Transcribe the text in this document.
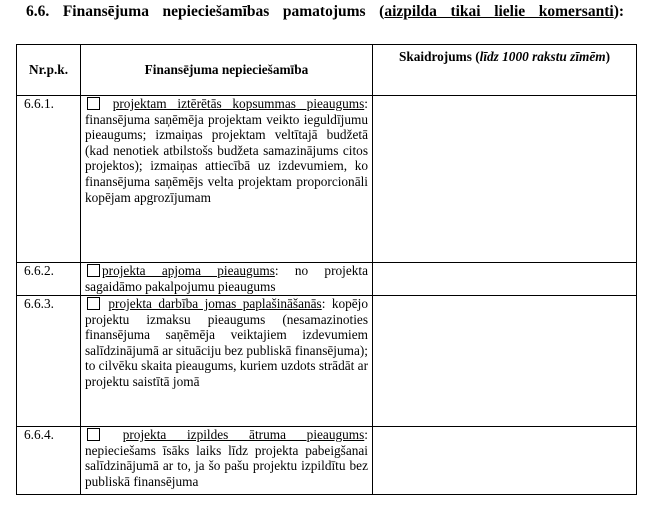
6.6. Finansējuma nepieciešamības pamatojums (aizpilda tikai lielie komersanti):
Nr.p.k.	Finansējuma nepieciešamība	Skaidrojums (līdz 1000 rakstu zīmēm)
6.6.1.	projektam iztērētās kopsummas pieaugums: finansējuma saņēmēja projektam veikto ieguldījumu pieaugums; izmaiņas projektam veltītajā budžetā (kad nenotiek atbilstošs budžeta samazinājums citos projektos); izmaiņas attiecībā uz izdevumiem, ko finansējuma saņēmējs velta projektam proporcionāli kopējam apgrozījumam	
6.6.2.	projekta apjoma pieaugums: no projekta sagaidāmo pakalpojumu pieaugums	
6.6.3.	projekta darbība jomas paplašināšanās: kopējo projektu izmaksu pieaugums (nesamazinoties finansējuma saņēmēja veiktajiem izdevumiem salīdzinājumā ar situāciju bez publiskā finansējuma); to cilvēku skaita pieaugums, kuriem uzdots strādāt ar projektu saistītā jomā	
6.6.4.	projekta izpildes ātruma pieaugums: nepieciešams īsāks laiks līdz projekta pabeigšanai salīdzinājumā ar to, ja šo pašu projektu izpildītu bez publiskā finansējuma	
